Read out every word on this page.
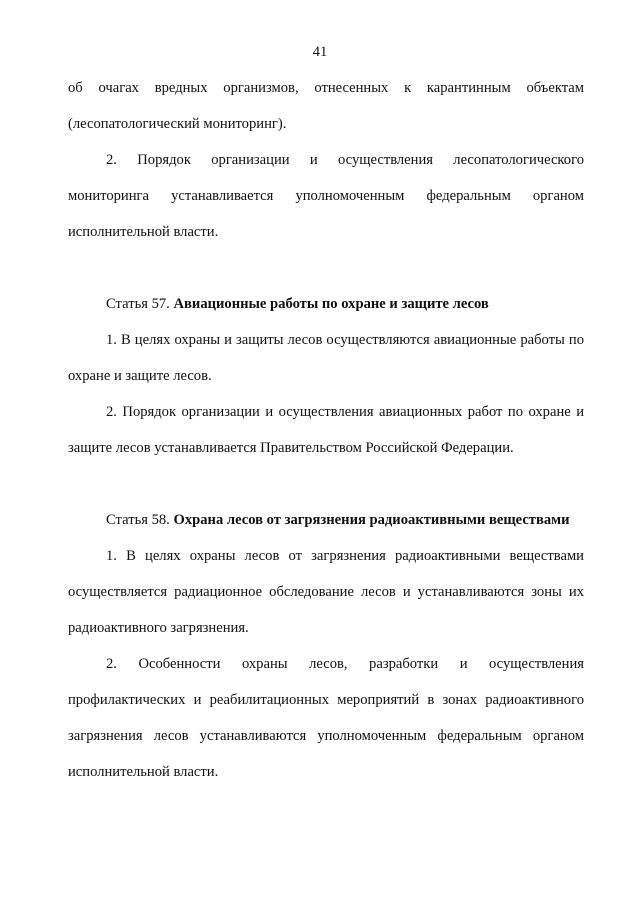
41

об очагах вредных организмов, отнесенных к карантинным объектам (лесопатологический мониторинг).

2. Порядок организации и осуществления лесопатологического мониторинга устанавливается уполномоченным федеральным органом исполнительной власти.

Статья 57. Авиационные работы по охране и защите лесов

1. В целях охраны и защиты лесов осуществляются авиационные работы по охране и защите лесов.

2. Порядок организации и осуществления авиационных работ по охране и защите лесов устанавливается Правительством Российской Федерации.

Статья 58. Охрана лесов от загрязнения радиоактивными веществами

1. В целях охраны лесов от загрязнения радиоактивными веществами осуществляется радиационное обследование лесов и устанавливаются зоны их радиоактивного загрязнения.

2. Особенности охраны лесов, разработки и осуществления профилактических и реабилитационных мероприятий в зонах радиоактивного загрязнения лесов устанавливаются уполномоченным федеральным органом исполнительной власти.
